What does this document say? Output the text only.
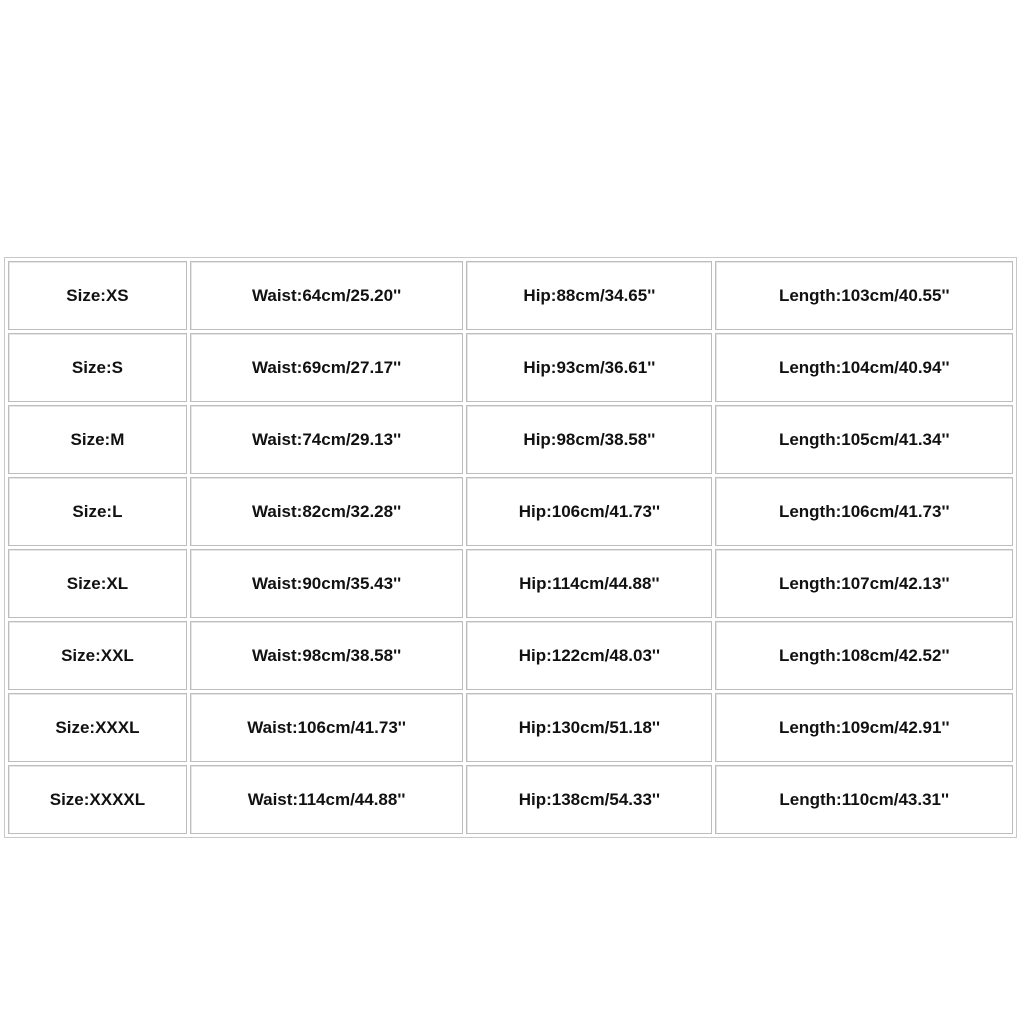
Size:XS	Waist:64cm/25.20''	Hip:88cm/34.65''	Length:103cm/40.55''
Size:S	Waist:69cm/27.17''	Hip:93cm/36.61''	Length:104cm/40.94''
Size:M	Waist:74cm/29.13''	Hip:98cm/38.58''	Length:105cm/41.34''
Size:L	Waist:82cm/32.28''	Hip:106cm/41.73''	Length:106cm/41.73''
Size:XL	Waist:90cm/35.43''	Hip:114cm/44.88''	Length:107cm/42.13''
Size:XXL	Waist:98cm/38.58''	Hip:122cm/48.03''	Length:108cm/42.52''
Size:XXXL	Waist:106cm/41.73''	Hip:130cm/51.18''	Length:109cm/42.91''
Size:XXXXL	Waist:114cm/44.88''	Hip:138cm/54.33''	Length:110cm/43.31''
